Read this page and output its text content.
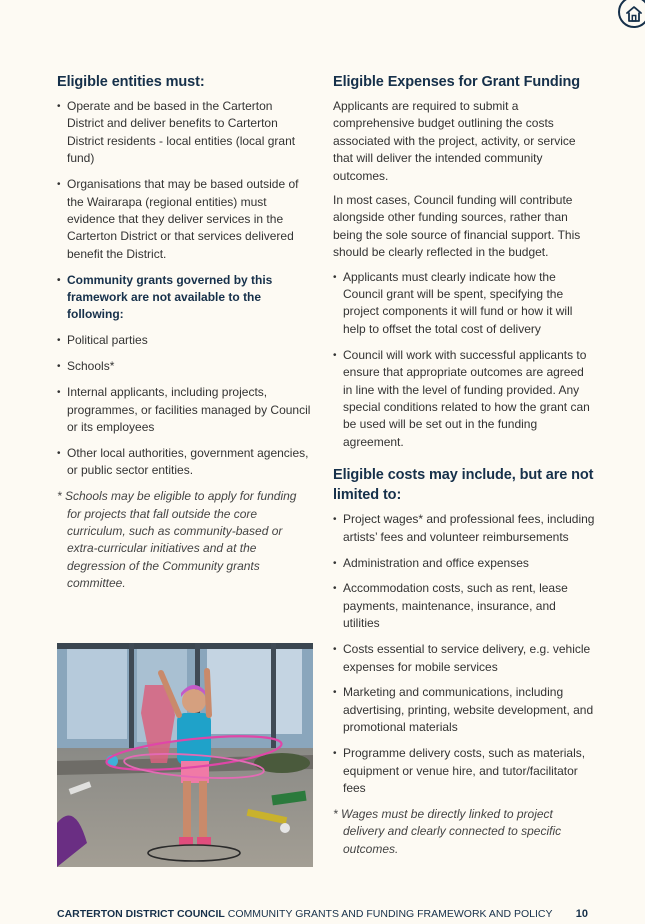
Eligible entities must:
• Operate and be based in the Carterton District and deliver benefits to Carterton District residents - local entities (local grant fund)
• Organisations that may be based outside of the Wairarapa (regional entities) must evidence that they deliver services in the Carterton District or that services delivered benefit the District.
• Community grants governed by this framework are not available to the following:
• Political parties
• Schools*
• Internal applicants, including projects, programmes, or facilities managed by Council or its employees
• Other local authorities, government agencies, or public sector entities.

* Schools may be eligible to apply for funding for projects that fall outside the core curriculum, such as community-based or extra-curricular initiatives and at the degression of the Community grants committee.

Eligible Expenses for Grant Funding

Applicants are required to submit a comprehensive budget outlining the costs associated with the project, activity, or service that will deliver the intended community outcomes.

In most cases, Council funding will contribute alongside other funding sources, rather than being the sole source of financial support. This should be clearly reflected in the budget.

• Applicants must clearly indicate how the Council grant will be spent, specifying the project components it will fund or how it will help to offset the total cost of delivery
• Council will work with successful applicants to ensure that appropriate outcomes are agreed in line with the level of funding provided. Any special conditions related to how the grant can be used will be set out in the funding agreement.
Eligible costs may include, but are not limited to:
• Project wages* and professional fees, including artists’ fees and volunteer reimbursements
• Administration and office expenses
• Accommodation costs, such as rent, lease payments, maintenance, insurance, and utilities
• Costs essential to service delivery, e.g. vehicle expenses for mobile services
• Marketing and communications, including advertising, printing, website development, and promotional materials
• Programme delivery costs, such as materials, equipment or venue hire, and tutor/facilitator fees

* Wages must be directly linked to project delivery and clearly connected to specific outcomes.

CARTERTON DISTRICT COUNCIL COMMUNITY GRANTS AND FUNDING FRAMEWORK AND POLICY 10
